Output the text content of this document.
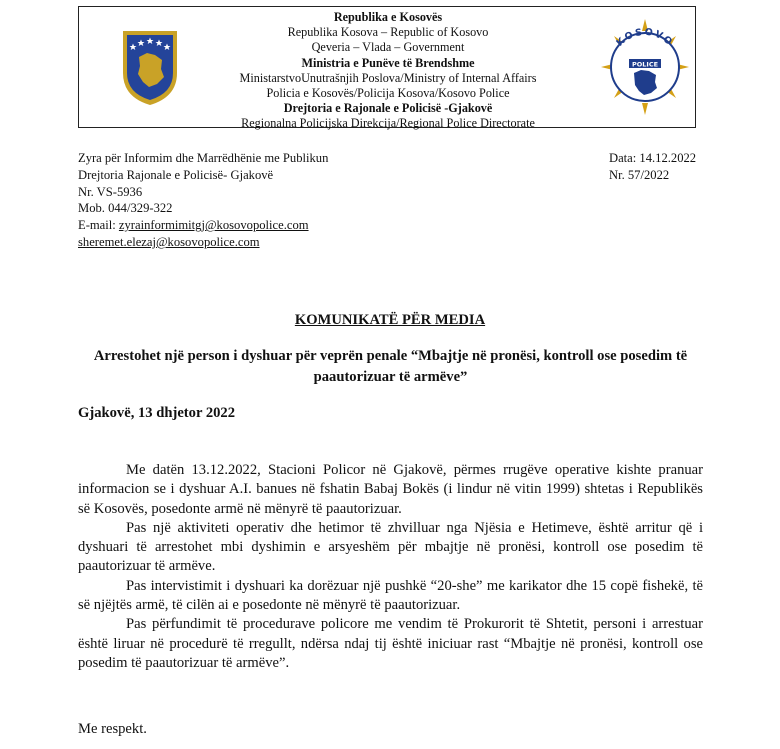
Republika e Kosovës
Republika Kosova – Republic of Kosovo
Qeveria – Vlada – Government
Ministria e Punëve të Brendshme
MinistarstvoUnutrašnjih Poslova/Ministry of Internal Affairs
Policia e Kosovës/Policija Kosova/Kosovo Police
Drejtoria e Rajonale e Policisë -Gjakovë
Regionalna Policijska Direkcija/Regional Police Directorate
KOSOVO
POLICE
Zyra për Informim dhe Marrëdhënie me Publikun
Drejtoria Rajonale e Policisë- Gjakovë
Nr. VS-5936
Mob. 044/329-322
E-mail: zyrainformimitgj@kosovopolice.com
sheremet.elezaj@kosovopolice.com
Data: 14.12.2022
Nr. 57/2022
KOMUNIKATË PËR MEDIA
Arrestohet një person i dyshuar për veprën penale “Mbajtje në pronësi, kontroll ose posedim të paautorizuar të armëve”
Gjakovë, 13 dhjetor 2022

Me datën 13.12.2022, Stacioni Policor në Gjakovë, përmes rrugëve operative kishte pranuar informacion se i dyshuar A.I. banues në fshatin Babaj Bokës (i lindur në vitin 1999) shtetas i Republikës së Kosovës, posedonte armë në mënyrë të paautorizuar.

Pas një aktiviteti operativ dhe hetimor të zhvilluar nga Njësia e Hetimeve, është arritur që i dyshuari të arrestohet mbi dyshimin e arsyeshëm për mbajtje në pronësi, kontroll ose posedim të paautorizuar të armëve.

Pas intervistimit i dyshuari ka dorëzuar një pushkë “20-she” me karikator dhe 15 copë fishekë, të së njëjtës armë, të cilën ai e posedonte në mënyrë të paautorizuar.

Pas përfundimit të procedurave policore me vendim të Prokurorit të Shtetit, personi i arrestuar është liruar në procedurë të rregullt, ndërsa ndaj tij është iniciuar rast “Mbajtje në pronësi, kontroll ose posedim të paautorizuar të armëve”.

Me respekt.
